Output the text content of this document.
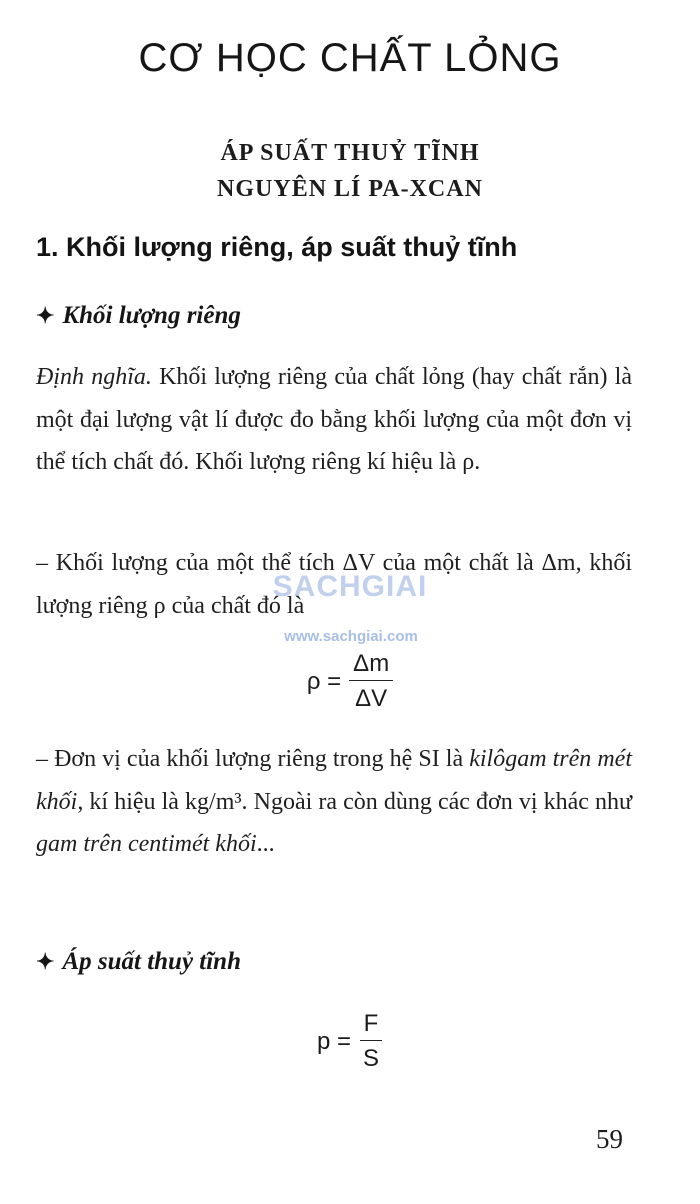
CƠ HỌC CHẤT LỎNG
ÁP SUẤT THUỶ TĨNH
NGUYÊN LÍ PA-XCAN
1. Khối lượng riêng, áp suất thuỷ tĩnh
✦ Khối lượng riêng
Định nghĩa. Khối lượng riêng của chất lỏng (hay chất rắn) là một đại lượng vật lí được đo bằng khối lượng của một đơn vị thể tích chất đó. Khối lượng riêng kí hiệu là ρ.
– Khối lượng của một thể tích ΔV của một chất là Δm, khối lượng riêng ρ của chất đó là
$\rho = \frac{\Delta m}{\Delta V}$
– Đơn vị của khối lượng riêng trong hệ SI là kilôgam trên mét khối, kí hiệu là kg/m³. Ngoài ra còn dùng các đơn vị khác như gam trên centimét khối...
✦ Áp suất thuỷ tĩnh
$p = \frac{F}{S}$
SACHGIAI
www.sachgiai.com
59
